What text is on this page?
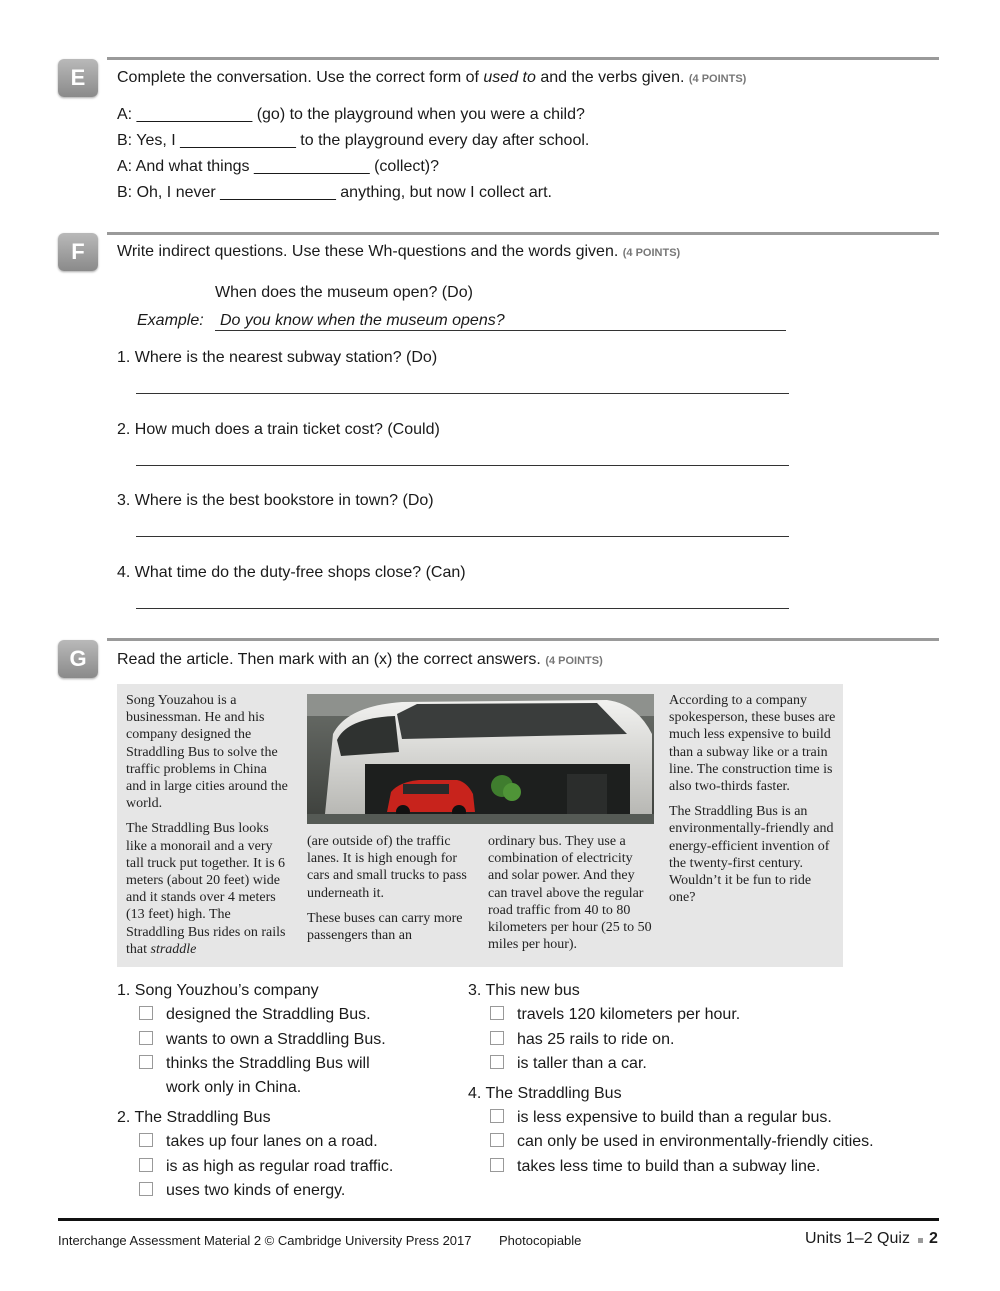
E	Complete the conversation. Use the correct form of used to and the verbs given. (4 POINTS)
A: _____________ (go) to the playground when you were a child?
B: Yes, I _____________ to the playground every day after school.
A: And what things _____________ (collect)?
B: Oh, I never _____________ anything, but now I collect art.
F	Write indirect questions. Use these Wh-questions and the words given. (4 POINTS)
When does the museum open? (Do)
Example: Do you know when the museum opens?
1. Where is the nearest subway station? (Do)
2. How much does a train ticket cost? (Could)
3. Where is the best bookstore in town? (Do)
4. What time do the duty-free shops close? (Can)
G	Read the article. Then mark with an (x) the correct answers. (4 POINTS)

Song Youzahou is a businessman. He and his company designed the Straddling Bus to solve the traffic problems in China and in large cities around the world.

The Straddling Bus looks like a monorail and a very tall truck put together. It is 6 meters (about 20 feet) wide and it stands over 4 meters (13 feet) high. The Straddling Bus rides on rails that straddle

(are outside of) the traffic lanes. It is high enough for cars and small trucks to pass underneath it.

These buses can carry more passengers than an

ordinary bus. They use a combination of electricity and solar power. And they can travel above the regular road traffic from 40 to 80 kilometers per hour (25 to 50 miles per hour).

According to a company spokesperson, these buses are much less expensive to build than a subway like or a train line. The construction time is also two-thirds faster.

The Straddling Bus is an environmentally-friendly and energy-efficient invention of the twenty-first century. Wouldn’t it be fun to ride one?

1. Song Youzhou’s company
designed the Straddling Bus.
wants to own a Straddling Bus.
thinks the Straddling Bus will
work only in China.
2. The Straddling Bus
takes up four lanes on a road.
is as high as regular road traffic.
uses two kinds of energy.
3. This new bus
travels 120 kilometers per hour.
has 25 rails to ride on.
is taller than a car.
4. The Straddling Bus
is less expensive to build than a regular bus.
can only be used in environmentally-friendly cities.
takes less time to build than a subway line.
Interchange Assessment Material 2 © Cambridge University Press 2017 Photocopiable	Units 1–2 Quiz 2
